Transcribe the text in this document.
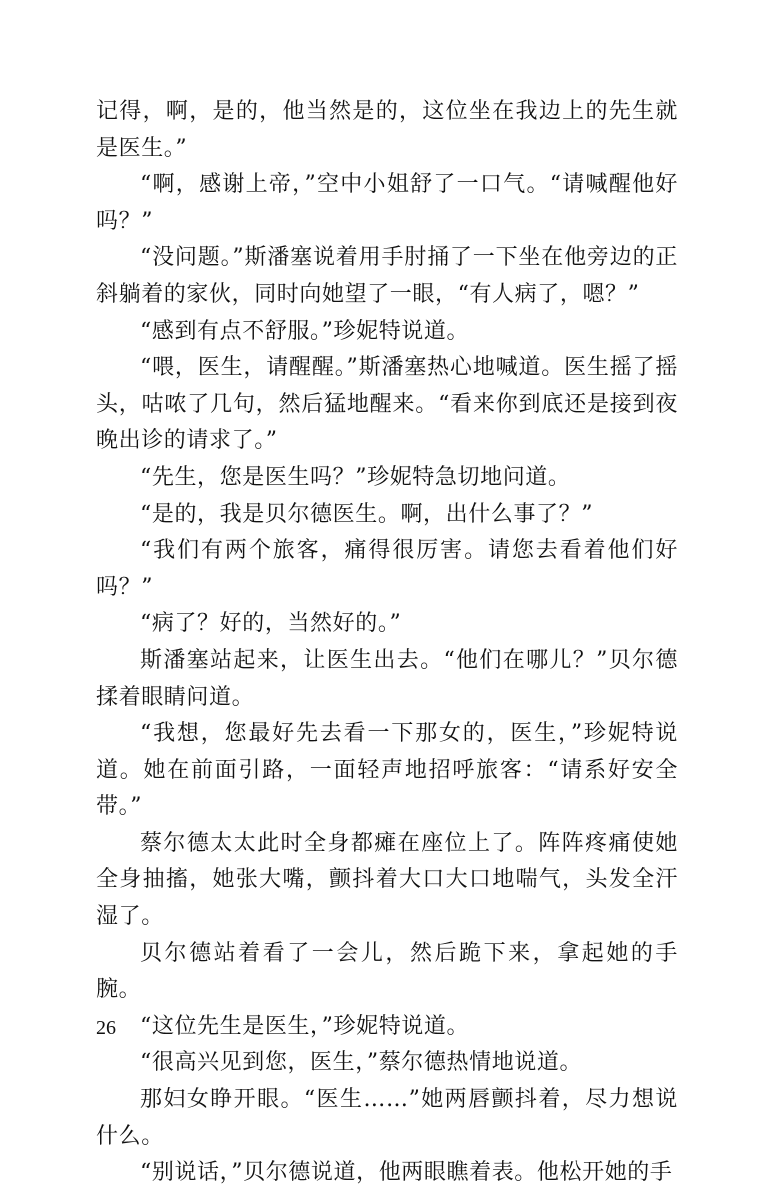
记得，啊，是的，他当然是的，这位坐在我边上的先生就是医生。”

“啊，感谢上帝，”空中小姐舒了一口气。“请喊醒他好吗？”

“没问题。”斯潘塞说着用手肘捅了一下坐在他旁边的正斜躺着的家伙，同时向她望了一眼，“有人病了，嗯？”

“感到有点不舒服。”珍妮特说道。

“喂，医生，请醒醒。”斯潘塞热心地喊道。医生摇了摇头，咕哝了几句，然后猛地醒来。“看来你到底还是接到夜晚出诊的请求了。”

“先生，您是医生吗？”珍妮特急切地问道。

“是的，我是贝尔德医生。啊，出什么事了？”

“我们有两个旅客，痛得很厉害。请您去看着他们好吗？”

“病了？好的，当然好的。”

斯潘塞站起来，让医生出去。“他们在哪儿？”贝尔德揉着眼睛问道。

“我想，您最好先去看一下那女的，医生，”珍妮特说道。她在前面引路，一面轻声地招呼旅客：“请系好安全带。”

蔡尔德太太此时全身都瘫在座位上了。阵阵疼痛使她全身抽搐，她张大嘴，颤抖着大口大口地喘气，头发全汗湿了。

贝尔德站着看了一会儿，然后跪下来，拿起她的手腕。

“这位先生是医生，”珍妮特说道。

“很高兴见到您，医生，”蔡尔德热情地说道。

那妇女睁开眼。“医生……”她两唇颤抖着，尽力想说什么。

“别说话，”贝尔德说道，他两眼瞧着表。他松开她的手

26
